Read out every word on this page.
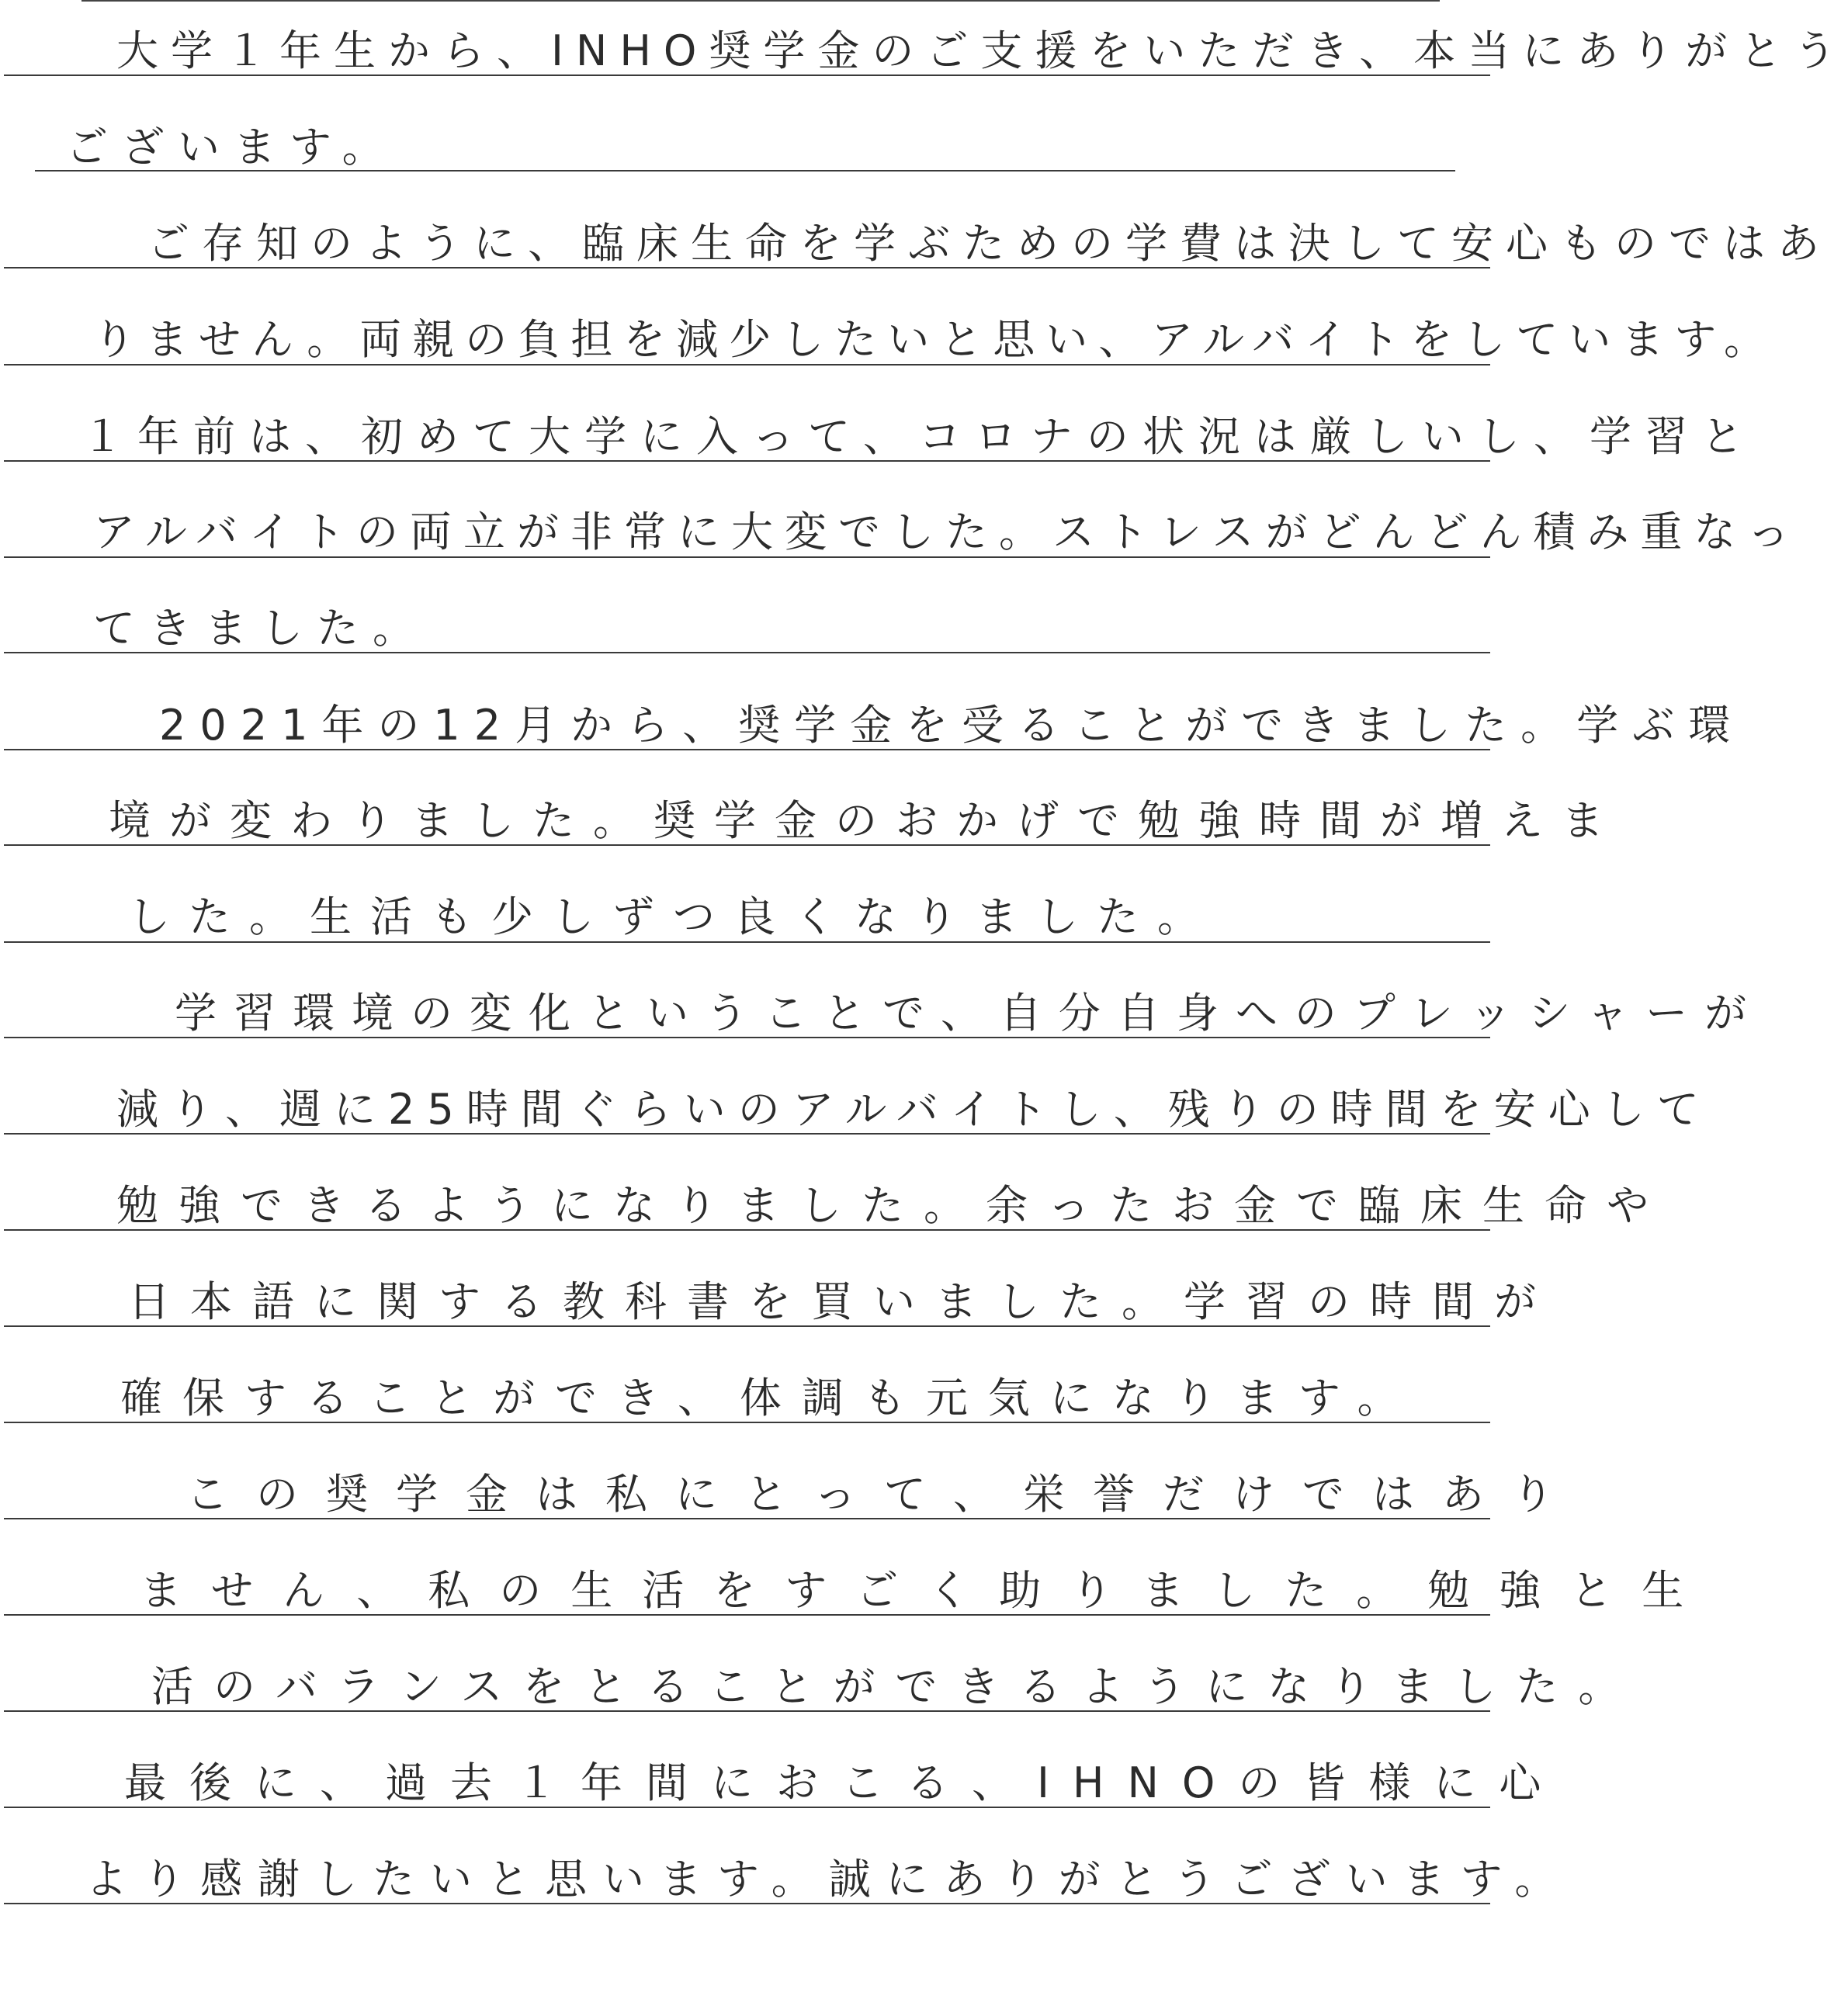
大学１年生から、INHO奨学金のご支援をいただき、本当にありがとう
ございます。
ご存知のように、臨床生命を学ぶための学費は決して安心ものではあ
りません。両親の負担を減少したいと思い、アルバイトをしています。
１年前は、初めて大学に入って、コロナの状況は厳しいし、学習と
アルバイトの両立が非常に大変でした。ストレスがどんどん積み重なっ
てきました。
2021年の12月から、奨学金を受ることができました。学ぶ環
境が変わりました。奨学金のおかげで勉強時間が増えま
した。生活も少しずつ良くなりました。
学習環境の変化ということで、自分自身へのプレッシャーが
減り、週に25時間ぐらいのアルバイトし、残りの時間を安心して
勉強できるようになりました。余ったお金で臨床生命や
日本語に関する教科書を買いました。学習の時間が
確保することができ、体調も元気になります。
この奨学金は私にとって、栄誉だけではあり
ません、私の生活をすごく助りました。勉強と生
活のバランスをとることができるようになりました。
最後に、過去１年間におこる、IHNOの皆様に心
より感謝したいと思います。誠にありがとうございます。
